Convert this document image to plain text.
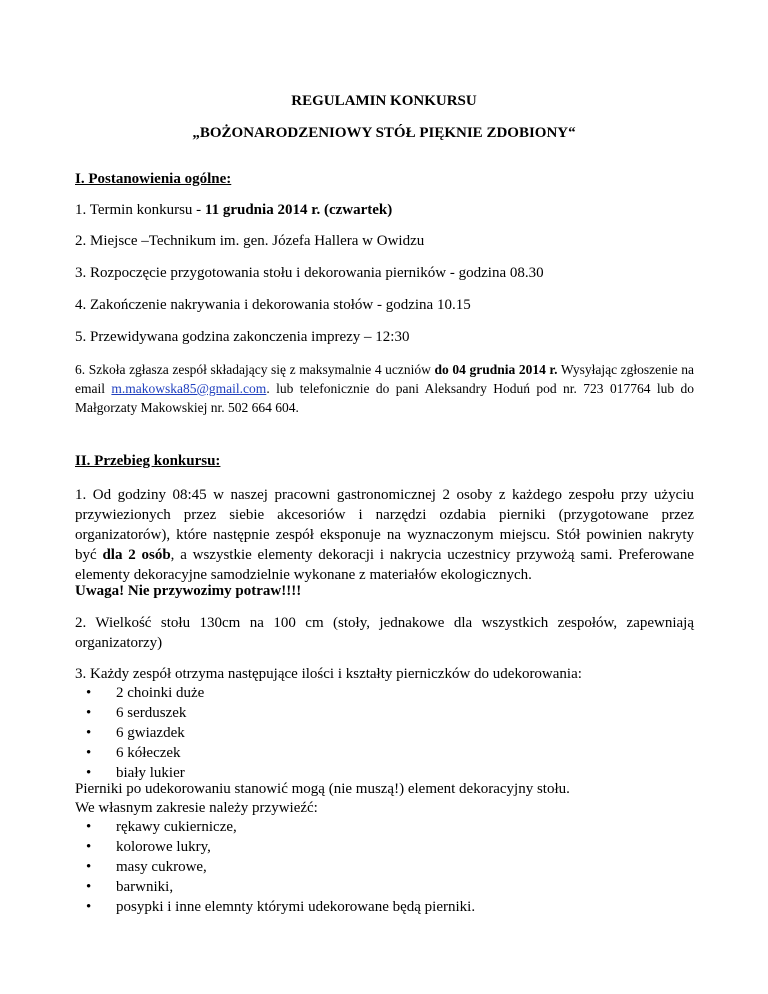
REGULAMIN KONKURSU

„BOŻONARODZENIOWY STÓŁ PIĘKNIE ZDOBIONY“

I. Postanowienia ogólne:

1. Termin konkursu - 11 grudnia 2014 r. (czwartek)

2. Miejsce –Technikum im. gen. Józefa Hallera w Owidzu

3. Rozpoczęcie przygotowania stołu i dekorowania pierników - godzina 08.30

4. Zakończenie nakrywania i dekorowania stołów - godzina 10.15

5. Przewidywana godzina zakonczenia imprezy – 12:30

6. Szkoła zgłasza zespół składający się z maksymalnie 4 uczniów do 04 grudnia 2014 r. Wysyłając zgłoszenie na email m.makowska85@gmail.com. lub telefonicznie do pani Aleksandry Hoduń pod nr. 723 017764 lub do Małgorzaty Makowskiej nr. 502 664 604.

II. Przebieg konkursu:

1. Od godziny 08:45 w naszej pracowni gastronomicznej 2 osoby z każdego zespołu przy użyciu przywiezionych przez siebie akcesoriów i narzędzi ozdabia pierniki (przygotowane przez organizatorów), które następnie zespół eksponuje na wyznaczonym miejscu. Stół powinien nakryty być dla 2 osób, a wszystkie elementy dekoracji i nakrycia uczestnicy przywożą sami. Preferowane elementy dekoracyjne samodzielnie wykonane z materiałów ekologicznych.

Uwaga! Nie przywozimy potraw!!!!

2. Wielkość stołu 130cm na 100 cm (stoły, jednakowe dla wszystkich zespołów, zapewniają organizatorzy)

3. Każdy zespół otrzyma następujące ilości i kształty pierniczków do udekorowania:

• 2 choinki duże
• 6 serduszek
• 6 gwiazdek
• 6 kółeczek
• biały lukier

Pierniki po udekorowaniu stanowić mogą (nie muszą!) element dekoracyjny stołu.

We własnym zakresie należy przywieźć:

• rękawy cukiernicze,
• kolorowe lukry,
• masy cukrowe,
• barwniki,
• posypki i inne elemnty którymi udekorowane będą pierniki.
